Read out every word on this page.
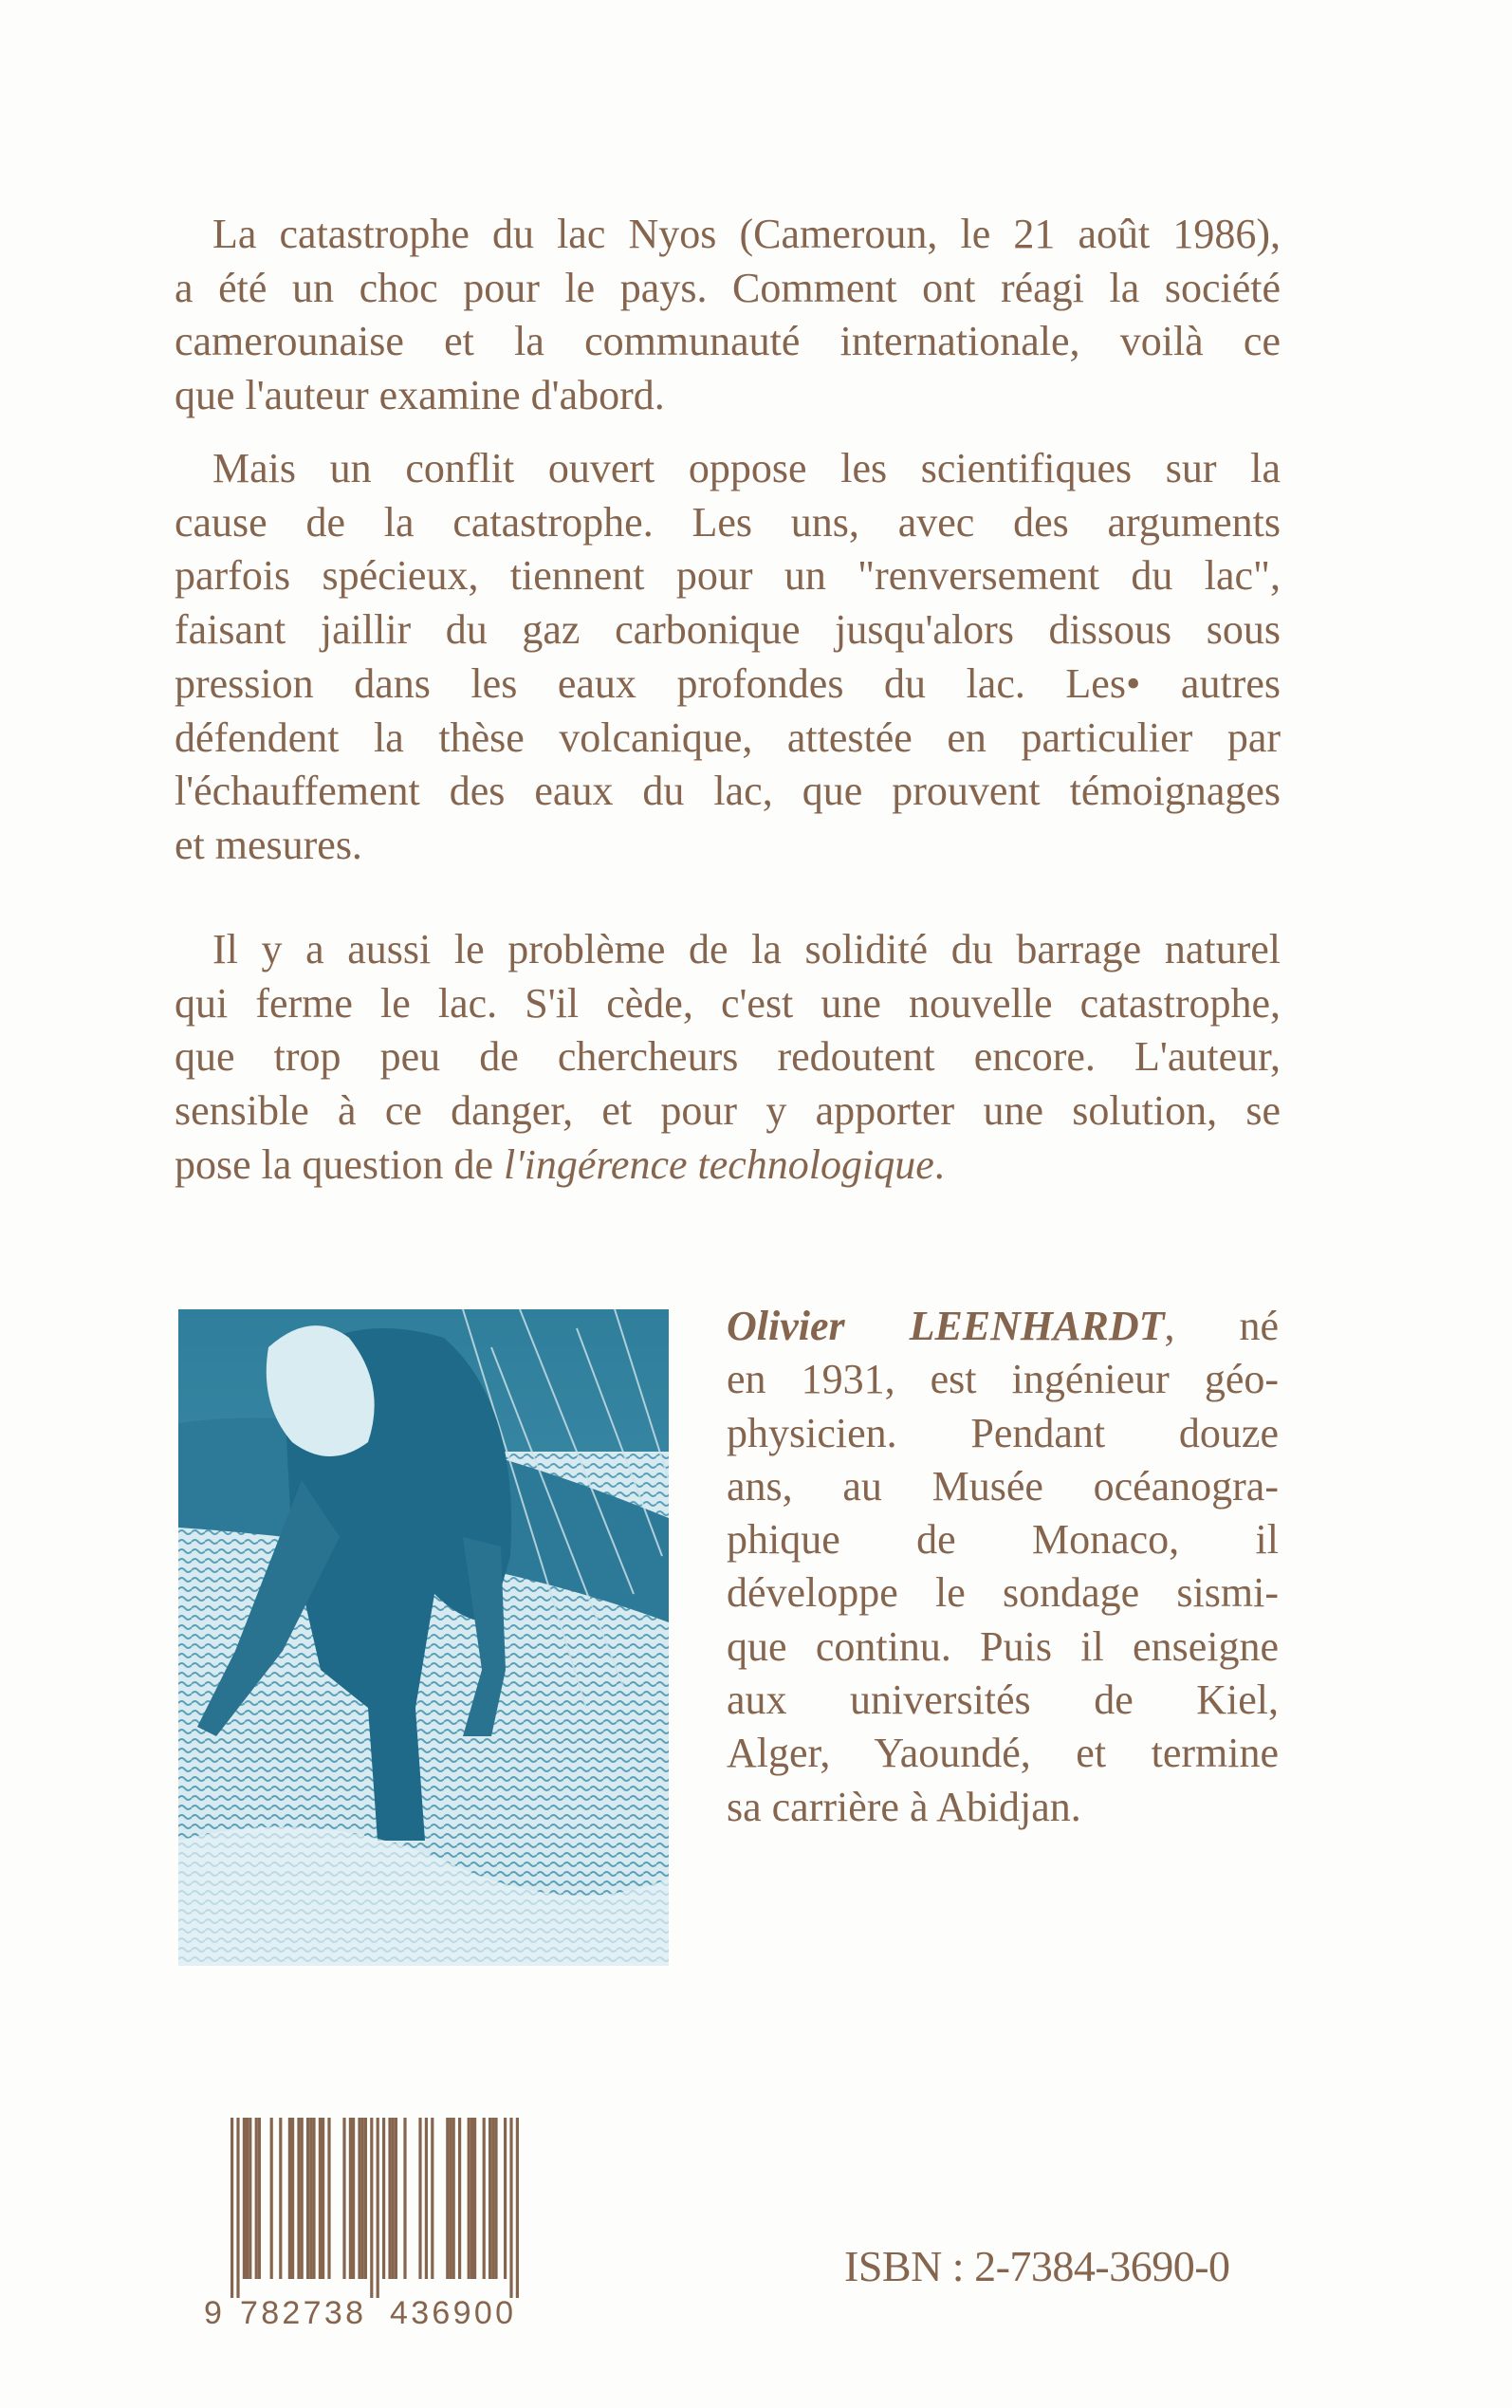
La catastrophe du lac Nyos (Cameroun, le 21 août 1986),
a été un choc pour le pays. Comment ont réagi la société
camerounaise et la communauté internationale, voilà ce
que l'auteur examine d'abord.
Mais un conflit ouvert oppose les scientifiques sur la
cause de la catastrophe. Les uns, avec des arguments
parfois spécieux, tiennent pour un "renversement du lac",
faisant jaillir du gaz carbonique jusqu'alors dissous sous
pression dans les eaux profondes du lac. Les• autres
défendent la thèse volcanique, attestée en particulier par
l'échauffement des eaux du lac, que prouvent témoignages
et mesures.
Il y a aussi le problème de la solidité du barrage naturel
qui ferme le lac. S'il cède, c'est une nouvelle catastrophe,
que trop peu de chercheurs redoutent encore. L'auteur,
sensible à ce danger, et pour y apporter une solution, se
pose la question de l'ingérence technologique.
Olivier LEENHARDT, né
en 1931, est ingénieur géo-
physicien. Pendant douze
ans, au Musée océanogra-
phique de Monaco, il
développe le sondage sismi-
que continu. Puis il enseigne
aux universités de Kiel,
Alger, Yaoundé, et termine
sa carrière à Abidjan.
9 782738 436900
ISBN : 2-7384-3690-0
